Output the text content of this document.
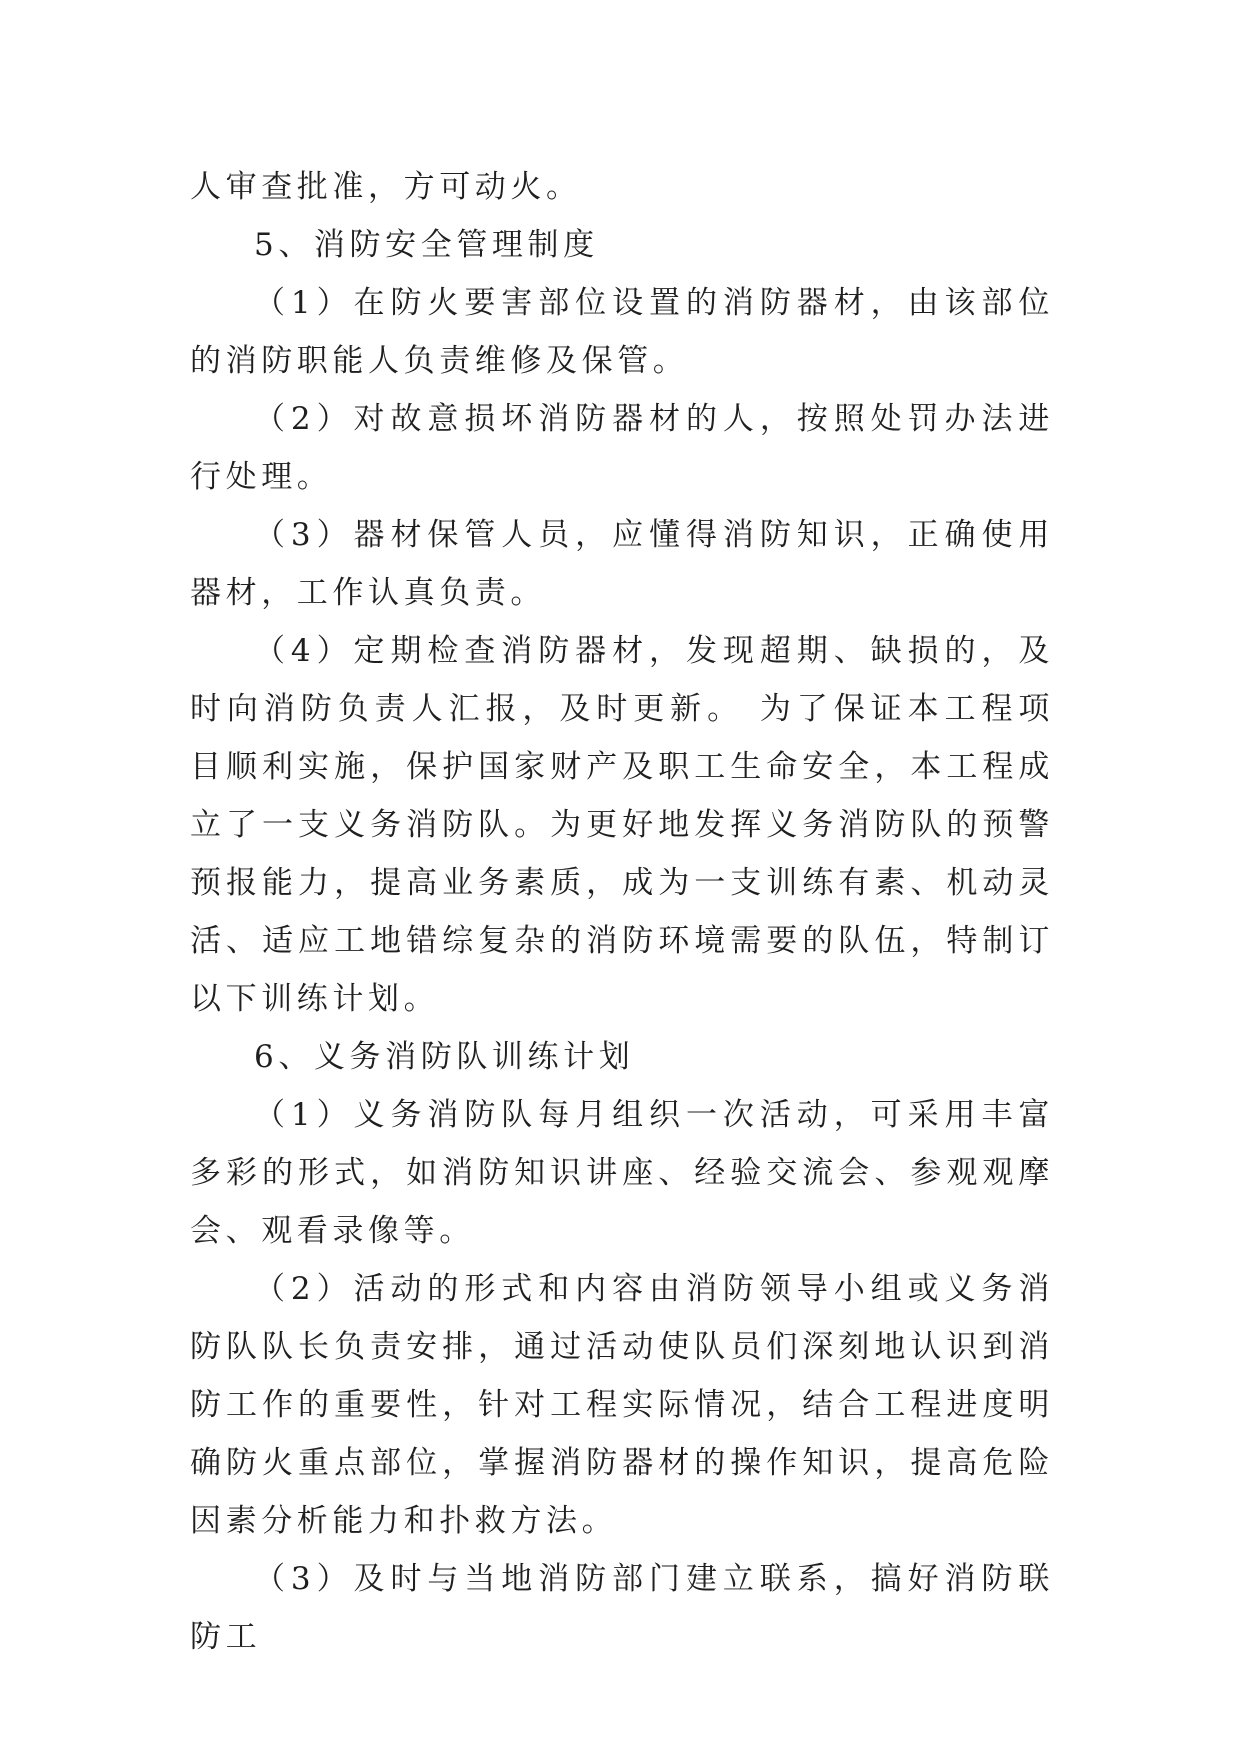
人审查批准，方可动火。

5、消防安全管理制度

（1）在防火要害部位设置的消防器材，由该部位的消防职能人负责维修及保管。

（2）对故意损坏消防器材的人，按照处罚办法进行处理。

（3）器材保管人员，应懂得消防知识，正确使用器材，工作认真负责。

（4）定期检查消防器材，发现超期、缺损的，及时向消防负责人汇报，及时更新。 为了保证本工程项目顺利实施，保护国家财产及职工生命安全，本工程成立了一支义务消防队。为更好地发挥义务消防队的预警预报能力，提高业务素质，成为一支训练有素、机动灵活、适应工地错综复杂的消防环境需要的队伍，特制订以下训练计划。

6、义务消防队训练计划

（1）义务消防队每月组织一次活动，可采用丰富多彩的形式，如消防知识讲座、经验交流会、参观观摩会、观看录像等。

（2）活动的形式和内容由消防领导小组或义务消防队队长负责安排，通过活动使队员们深刻地认识到消防工作的重要性，针对工程实际情况，结合工程进度明确防火重点部位，掌握消防器材的操作知识，提高危险因素分析能力和扑救方法。

（3）及时与当地消防部门建立联系，搞好消防联防工
